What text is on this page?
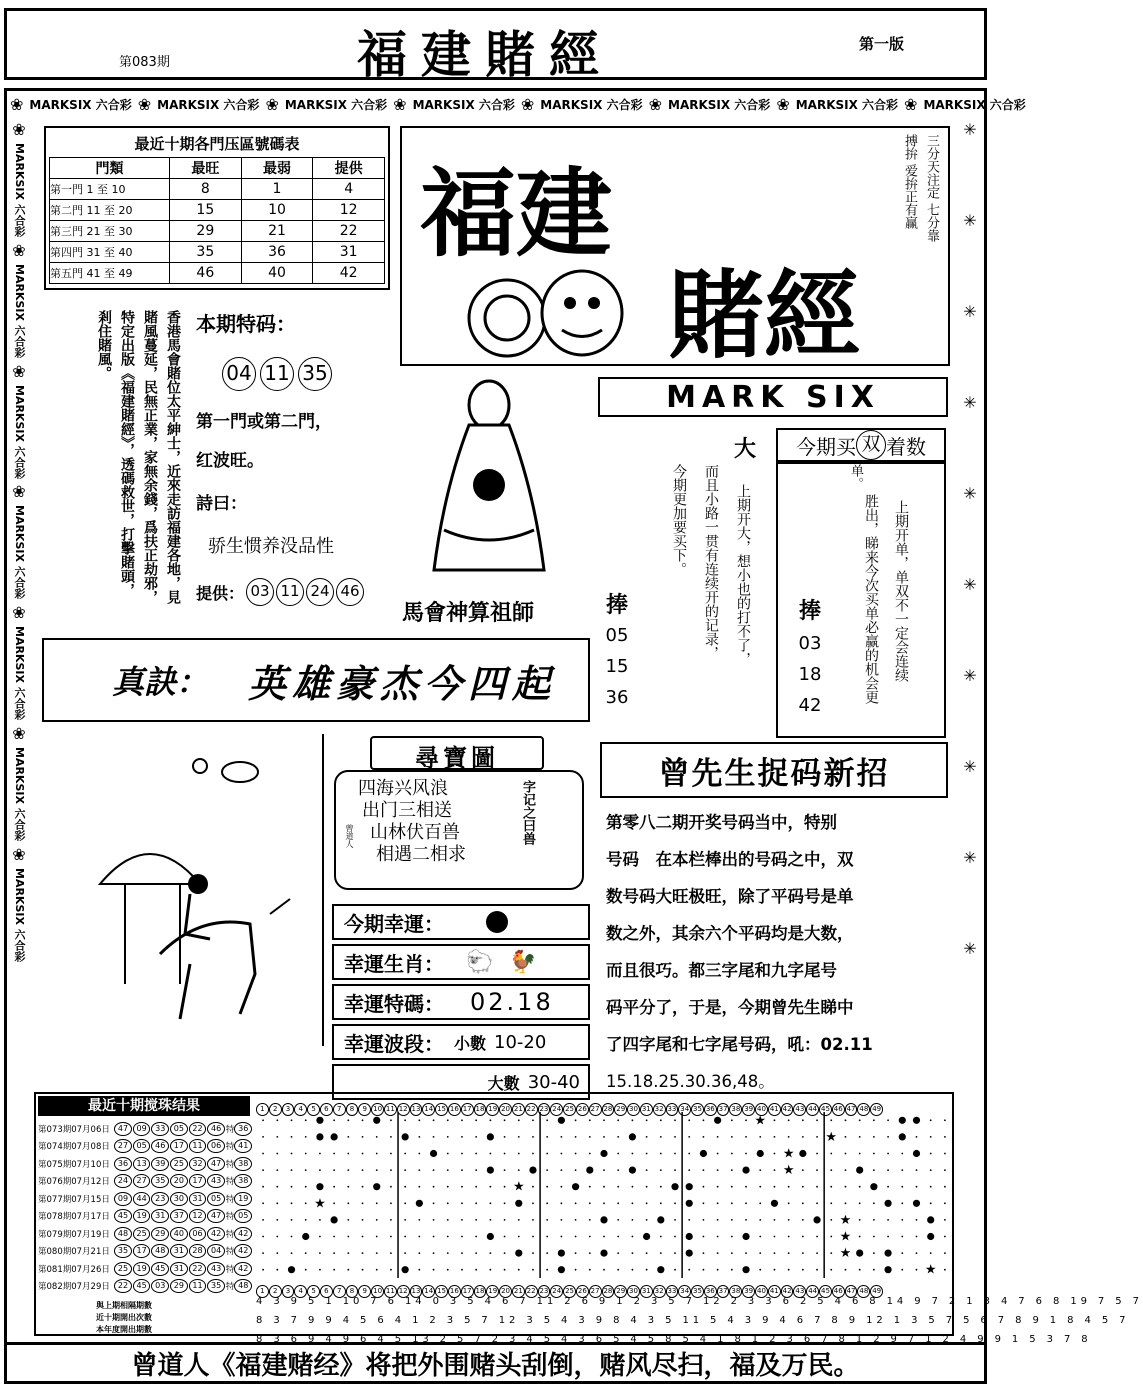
第083期	福建賭經	第一版
❀ MARKSIX 六合彩 ❀ MARKSIX 六合彩 ❀ MARKSIX 六合彩 ❀ MARKSIX 六合彩 ❀ MARKSIX 六合彩 ❀ MARKSIX 六合彩 ❀ MARKSIX 六合彩 ❀ MARKSIX 六合彩
❀
MARKSIX 六合彩
❀
MARKSIX 六合彩
❀
MARKSIX 六合彩
❀
MARKSIX 六合彩
❀
MARKSIX 六合彩
❀
MARKSIX 六合彩
❀
MARKSIX 六合彩
✳
✳
✳
✳
✳
✳
✳
✳
✳
✳
最近十期各門压區號碼表
門類	最旺	最弱	提供
第一門 1 至 10	8	1	4
第二門 11 至 20	15	10	12
第三門 21 至 30	29	21	22
第四門 31 至 40	35	36	31
第五門 41 至 49	46	40	42
福建
賭經
三分天注定 七分靠搏拚 爱拚正有赢
MARK SIX
香港馬會賭位太平紳士，近來走訪福建各地，見賭風蔓延，民無正業，家無余錢，爲扶正劫邪，特定出版《福建賭經》，透碼救世，打擊賭頭，剎住賭風。	本期特码：
04 11 35
第一門或第二門，
红波旺。
詩曰：
骄生惯养没品性
提供： 03 11 24 46
馬會神算祖師	捧
05
15
36
大 今期买 双 着数
单。
今期更加要买下。 而且小路一贯有连续开的记录， 上期开大，想小也的打不了，	胜出，睇来今次买单必赢的机会更 上期开单，单双不一定会连续
捧
03
18
42
真訣： 英雄豪杰今四起
尋寶圖
四海兴风浪
出门三相送
山林伏百兽
相遇二相求
字记之曰兽
曾道人
今期幸運：
幸運生肖： 🐑 🐓
幸運特碼： 02.18
幸運波段： 小數 10-20
大數 30-40
曾先生捉码新招
第零八二期开奖号码当中，特别
号码　在本栏棒出的号码之中，双
数号码大旺极旺，除了平码号是单
数之外，其余六个平码均是大数，
而且很巧。都三字尾和九字尾号
码平分了，于是，今期曾先生睇中
了四字尾和七字尾号码，吼：02.11
15.18.25.30.36,48。
最近十期搅珠结果
第073期07月06日	47	09	33	05	22	46 特 36
第074期07月08日	27	05	46	17	11	06 特 41
第075期07月10日	36	13	39	25	32	47 特 38
第076期07月12日	24	27	35	20	17	43 特 38
第077期07月15日	09	44	23	30	31	05 特 19
第078期07月17日	45	19	31	37	12	47 特 05
第079期07月19日	48	25	29	40	06	42 特 42
第080期07月21日	35	17	48	31	28	04 特 42
第081期07月26日	25	19	45	31	22	43 特 42
第082期07月29日	22	45	03	29	11	35 特 48
與上期相隔期數
近十期開出次數
本年度開出期數
1 2 3 4 5 6 7 8 9 10 11 12 13 14 15 16 17 18 19 20 21 22 23 24 25 26 27 28 29 30 31 32 33 34 35 36 37 38 39 40 41 42 43 44 45 46 47 48 49
★
★
★
★
★
★
★
★
★
★
1 2 3 4 5 6 7 8 9 10 11 12 13 14 15 16 17 18 19 20 21 22 23 24 25 26 27 28 29 30 31 32 33 34 35 36 37 38 39 40 41 42 43 44 45 46 47 48 49
4 3 9 5 1 10 7 6 14 0 3 5 4 6 7 11 2 6 9 1 2 3 5 7 12 2 3 3 6 2 5 4 6 8 14 9 7 2 1 3 4 7 6 8 19 7 5 7
8 3 7 9 9 4 5 6 4 1 2 3 5 7 12 3 5 4 3 9 8 4 3 5 11 5 4 3 9 4 6 7 8 9 12 1 3 5 7 5 6 7 8 9 1 8 4 5 7
8 3 6 9 4 9 6 4 5 13 2 5 7 2 3 4 5 4 3 6 5 4 5 8 5 4 1 8 1 2 3 6 7 8 1 2 9 7 1 2 4 9 9 1 5 3 7 8
曾道人《福建赌经》将把外围赌头刮倒，赌风尽扫，福及万民。
